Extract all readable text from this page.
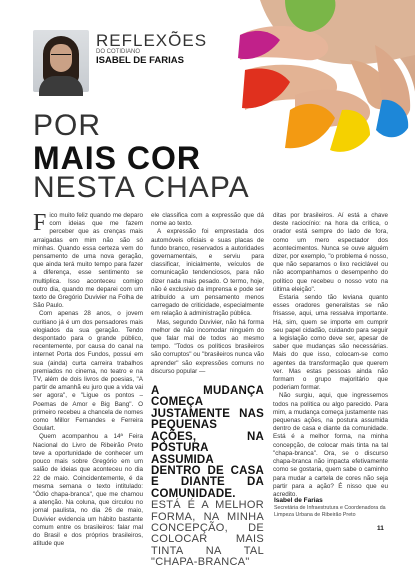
REFLEXÕES
DO COTIDIANO
ISABEL DE FARIAS
POR
MAIS COR
NESTA CHAPA

Fico muito feliz quando me deparo com ideias que me fazem perceber que as crenças mais arraigadas em mim não são só minhas. Quando essa certeza vem do pensamento de uma nova geração, que ainda terá muito tempo para fazer a diferença, esse sentimento se multiplica. Isso aconteceu comigo outro dia, quando me deparei com um texto de Gregório Duvivier na Folha de São Paulo.

Com apenas 28 anos, o jovem curitiano já é um dos pensadores mais elogiados da sua geração. Tendo despontado para o grande público, recentemente, por causa do canal na internet Porta dos Fundos, possui em sua (ainda) curta carreira trabalhos premiados no cinema, no teatro e na TV, além de dois livros de poesias, "A partir de amanhã eu juro que a vida vai ser agora", e "Ligue os pontos – Poemas de Amor e Big Bang". O primeiro recebeu a chancela de nomes como Millor Fernandes e Ferreira Goulart.

Quem acompanhou a 14ª Feira Nacional do Livro de Ribeirão Preto teve a oportunidade de conhecer um pouco mais sobre Gregório em um salão de ideias que aconteceu no dia 22 de maio. Coincidentemente, é da mesma semana o texto intitulado: "Ódio chapa-branca", que me chamou a atenção. Na coluna, que circulou no jornal paulista, no dia 26 de maio, Duvivier evidencia um hábito bastante comum entre os brasileiros: falar mal do Brasil e dos próprios brasileiros, atitude que

ele classifica com a expressão que dá nome ao texto.

A expressão foi emprestada dos automóveis oficiais e suas placas de fundo branco, reservados a autoridades governamentais, e serviu para classificar, inicialmente, veículos de comunicação tendenciosos, para não dizer nada mais pesado. O termo, hoje, não é exclusivo da imprensa e pode ser atribuído a um pensamento menos carregado de criticidade, especialmente em relação à administração pública.

Mas, segundo Duvivier, não há forma melhor de não incomodar ninguém do que falar mal de todos ao mesmo tempo. "Todos os políticos brasileiros são corruptos" ou "brasileiros nunca vão aprender" são expressões comuns no discurso popular —

A MUDANÇA COMEÇA JUSTAMENTE NAS PEQUENAS AÇÕES, NA POSTURA ASSUMIDA DENTRO DE CASA E DIANTE DA COMUNIDADE.
ESTÁ É A MELHOR FORMA, NA MINHA CONCEPÇÃO, DE COLOCAR MAIS TINTA NA TAL "CHAPA-BRANCA"

ditas por brasileiros. Aí está a chave deste raciocínio: na hora da crítica, o orador está sempre do lado de fora, como um mero espectador dos acontecimentos. Nunca se ouve alguém dizer, por exemplo, "o problema é nosso, que não separamos o lixo reciclável ou não acompanhamos o desempenho do político que recebeu o nosso voto na última eleição".

Estaria sendo tão leviana quanto esses oradores generalistas se não frisasse, aqui, uma ressalva importante. Há, sim, quem se importe em cumprir seu papel cidadão, cuidando para seguir a legislação como deve ser, apesar de saber que mudanças são necessárias. Mais do que isso, colocam-se como agentes da transformação que querem ver. Mas estas pessoas ainda não formam o grupo majoritário que poderiam formar.

Não surgiu, aqui, que ingressemos todos na política ou algo parecido. Para mim, a mudança começa justamente nas pequenas ações, na postura assumida dentro de casa e diante da comunidade. Está é a melhor forma, na minha concepção, de colocar mais tinta na tal "chapa-branca". Ora, se o discurso chapa-branca não impacta efetivamente como se gostaria, quem sabe o caminho para mudar a cartela de cores não seja partir para a ação? É nisso que eu acredito.

Isabel de Farias
Secretária de Infraestrutura e Coordenadora da Limpeza Urbana de Ribeirão Preto
11
